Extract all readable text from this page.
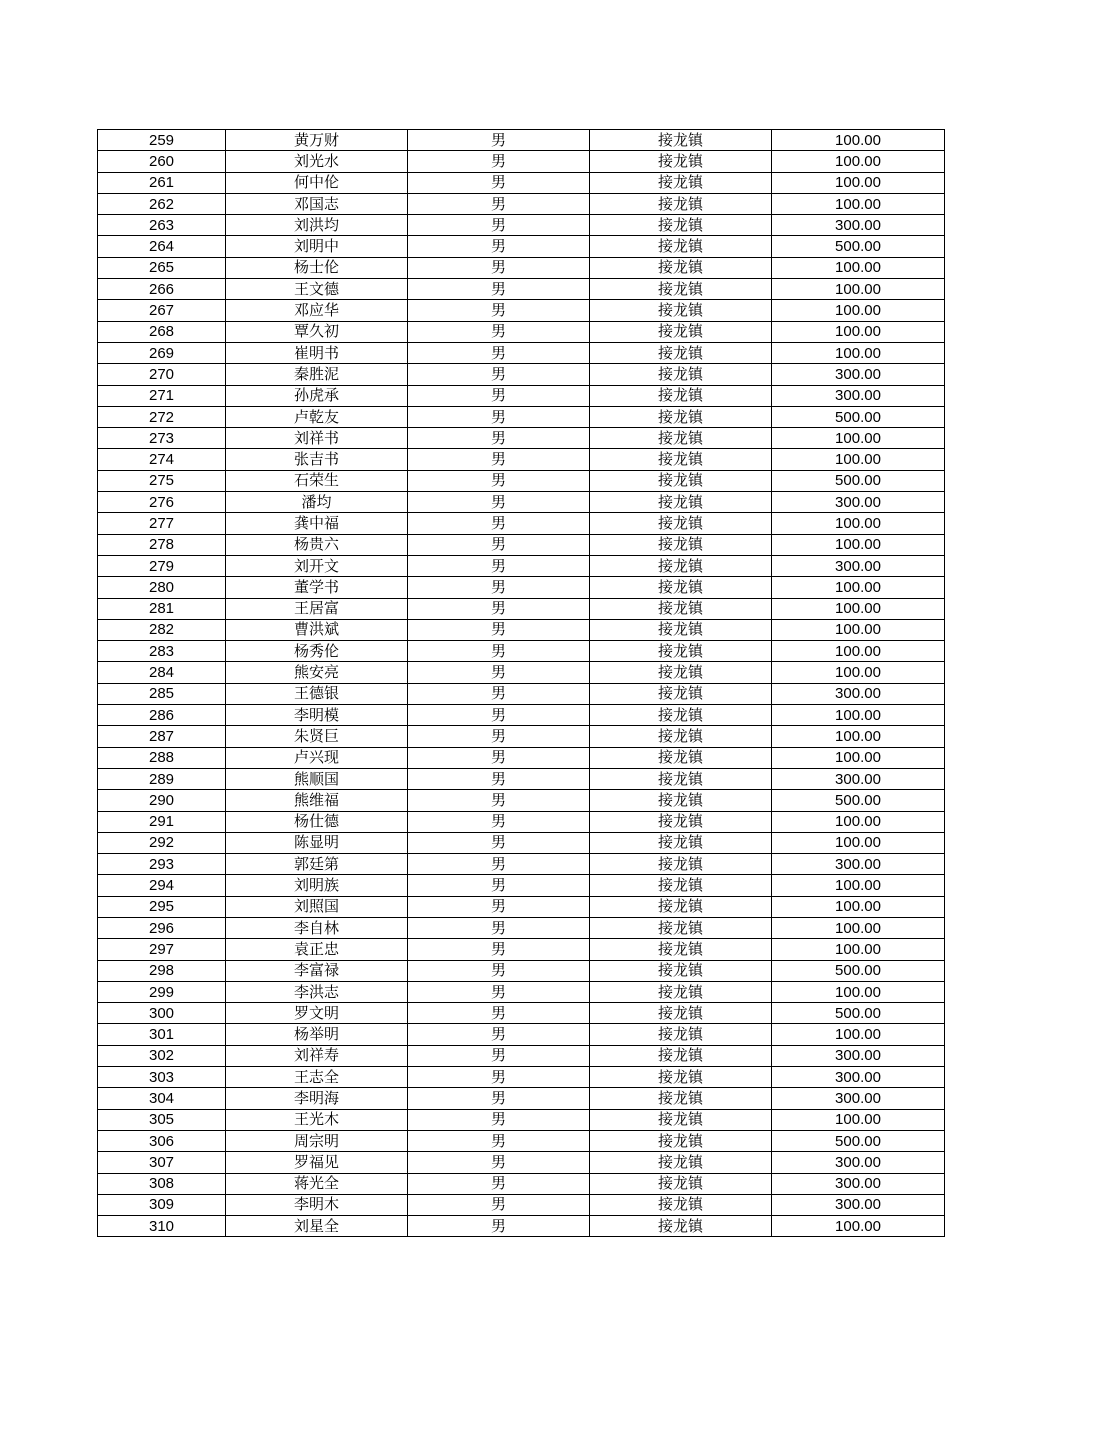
259	黄万财	男	接龙镇	100.00
260	刘光水	男	接龙镇	100.00
261	何中伦	男	接龙镇	100.00
262	邓国志	男	接龙镇	100.00
263	刘洪均	男	接龙镇	300.00
264	刘明中	男	接龙镇	500.00
265	杨士伦	男	接龙镇	100.00
266	王文德	男	接龙镇	100.00
267	邓应华	男	接龙镇	100.00
268	覃久初	男	接龙镇	100.00
269	崔明书	男	接龙镇	100.00
270	秦胜泥	男	接龙镇	300.00
271	孙虎承	男	接龙镇	300.00
272	卢乾友	男	接龙镇	500.00
273	刘祥书	男	接龙镇	100.00
274	张吉书	男	接龙镇	100.00
275	石荣生	男	接龙镇	500.00
276	潘均	男	接龙镇	300.00
277	龚中福	男	接龙镇	100.00
278	杨贵六	男	接龙镇	100.00
279	刘开文	男	接龙镇	300.00
280	董学书	男	接龙镇	100.00
281	王居富	男	接龙镇	100.00
282	曹洪斌	男	接龙镇	100.00
283	杨秀伦	男	接龙镇	100.00
284	熊安亮	男	接龙镇	100.00
285	王德银	男	接龙镇	300.00
286	李明模	男	接龙镇	100.00
287	朱贤巨	男	接龙镇	100.00
288	卢兴现	男	接龙镇	100.00
289	熊顺国	男	接龙镇	300.00
290	熊维福	男	接龙镇	500.00
291	杨仕德	男	接龙镇	100.00
292	陈显明	男	接龙镇	100.00
293	郭廷第	男	接龙镇	300.00
294	刘明族	男	接龙镇	100.00
295	刘照国	男	接龙镇	100.00
296	李自林	男	接龙镇	100.00
297	袁正忠	男	接龙镇	100.00
298	李富禄	男	接龙镇	500.00
299	李洪志	男	接龙镇	100.00
300	罗文明	男	接龙镇	500.00
301	杨举明	男	接龙镇	100.00
302	刘祥寿	男	接龙镇	300.00
303	王志全	男	接龙镇	300.00
304	李明海	男	接龙镇	300.00
305	王光木	男	接龙镇	100.00
306	周宗明	男	接龙镇	500.00
307	罗福见	男	接龙镇	300.00
308	蒋光全	男	接龙镇	300.00
309	李明木	男	接龙镇	300.00
310	刘星全	男	接龙镇	100.00
